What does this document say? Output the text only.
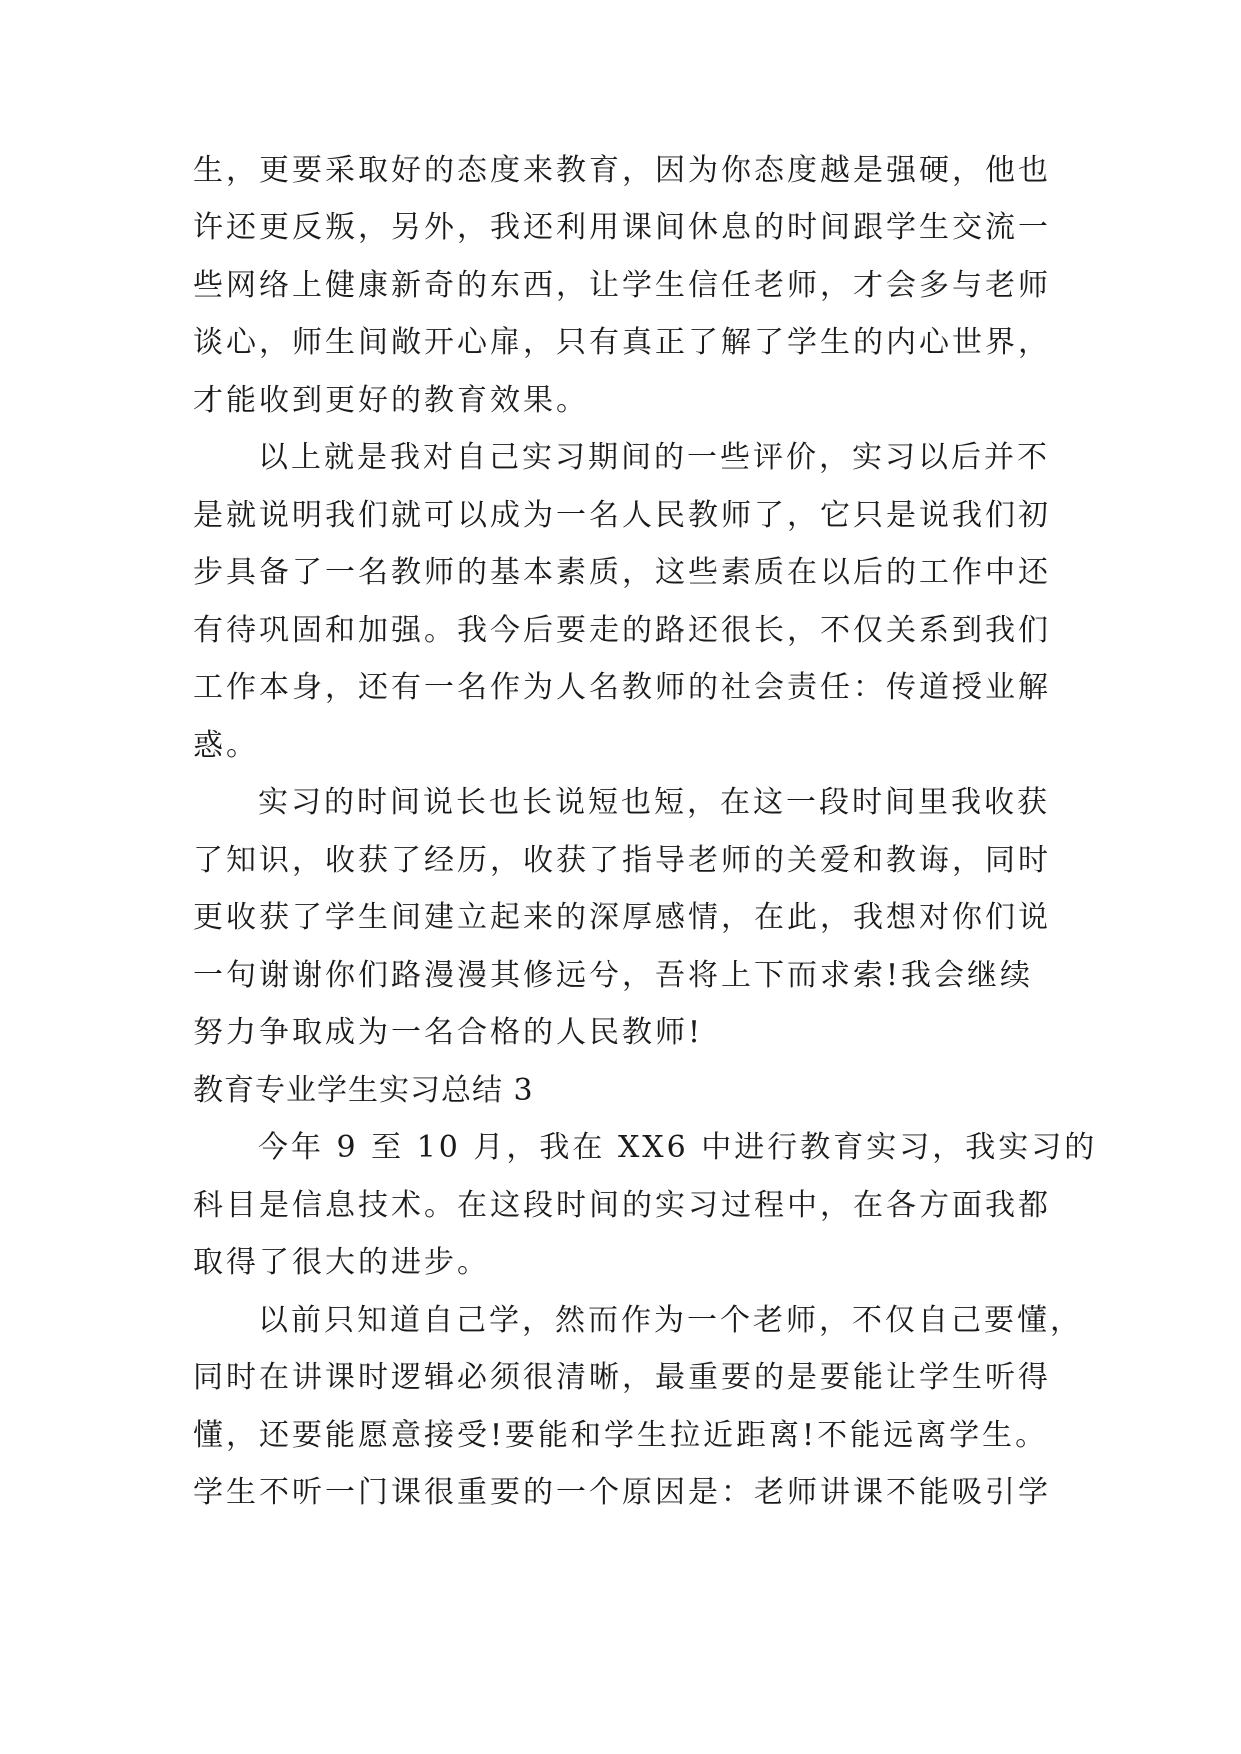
生，更要采取好的态度来教育，因为你态度越是强硬，他也
许还更反叛，另外，我还利用课间休息的时间跟学生交流一
些网络上健康新奇的东西，让学生信任老师，才会多与老师
谈心，师生间敞开心扉，只有真正了解了学生的内心世界，
才能收到更好的教育效果。
以上就是我对自己实习期间的一些评价，实习以后并不
是就说明我们就可以成为一名人民教师了，它只是说我们初
步具备了一名教师的基本素质，这些素质在以后的工作中还
有待巩固和加强。我今后要走的路还很长，不仅关系到我们
工作本身，还有一名作为人名教师的社会责任：传道授业解
惑。
实习的时间说长也长说短也短，在这一段时间里我收获
了知识，收获了经历，收获了指导老师的关爱和教诲，同时
更收获了学生间建立起来的深厚感情，在此，我想对你们说
一句谢谢你们路漫漫其修远兮，吾将上下而求索!我会继续
努力争取成为一名合格的人民教师!
教育专业学生实习总结 3
今年 9 至 10 月，我在 XX6 中进行教育实习，我实习的
科目是信息技术。在这段时间的实习过程中，在各方面我都
取得了很大的进步。
以前只知道自己学，然而作为一个老师，不仅自己要懂，
同时在讲课时逻辑必须很清晰，最重要的是要能让学生听得
懂，还要能愿意接受!要能和学生拉近距离!不能远离学生。
学生不听一门课很重要的一个原因是：老师讲课不能吸引学
